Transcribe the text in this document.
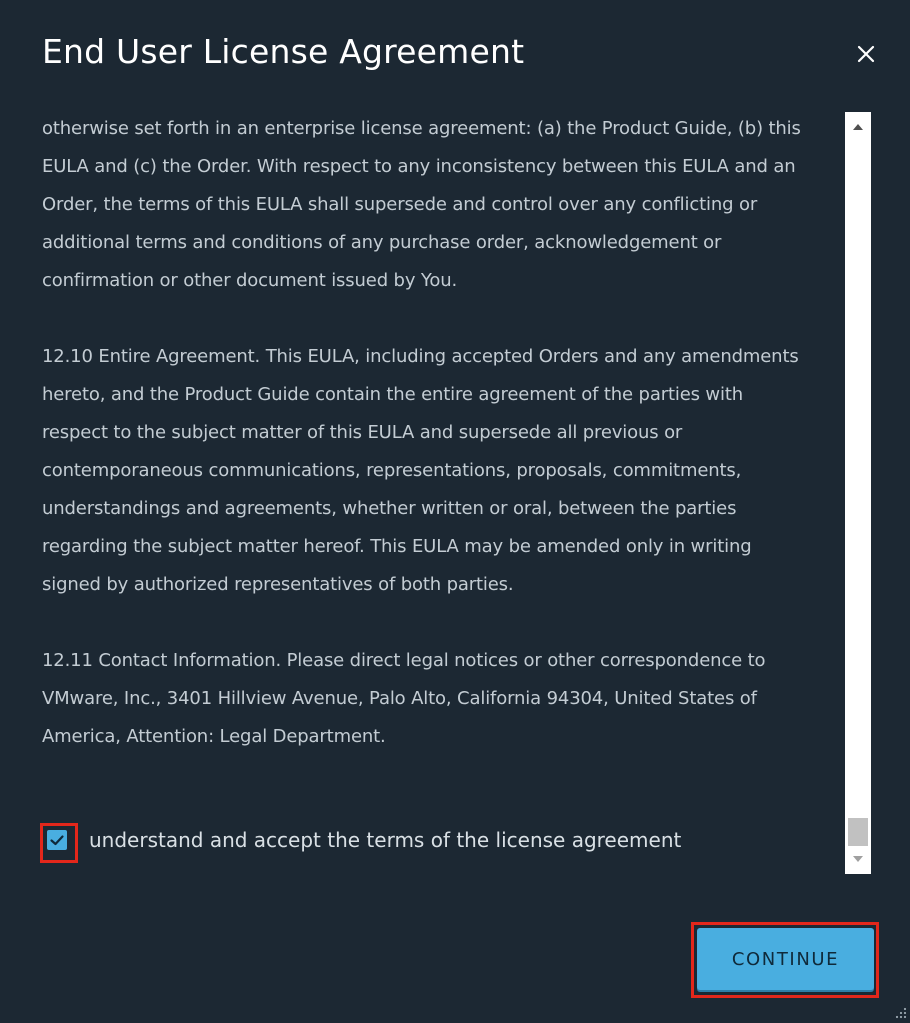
End User License Agreement
otherwise set forth in an enterprise license agreement: (a) the Product Guide, (b) this
EULA and (c) the Order. With respect to any inconsistency between this EULA and an
Order, the terms of this EULA shall supersede and control over any conflicting or
additional terms and conditions of any purchase order, acknowledgement or
confirmation or other document issued by You.
12.10 Entire Agreement. This EULA, including accepted Orders and any amendments
hereto, and the Product Guide contain the entire agreement of the parties with
respect to the subject matter of this EULA and supersede all previous or
contemporaneous communications, representations, proposals, commitments,
understandings and agreements, whether written or oral, between the parties
regarding the subject matter hereof. This EULA may be amended only in writing
signed by authorized representatives of both parties.
12.11 Contact Information. Please direct legal notices or other correspondence to
VMware, Inc., 3401 Hillview Avenue, Palo Alto, California 94304, United States of
America, Attention: Legal Department.
understand and accept the terms of the license agreement
CONTINUE
